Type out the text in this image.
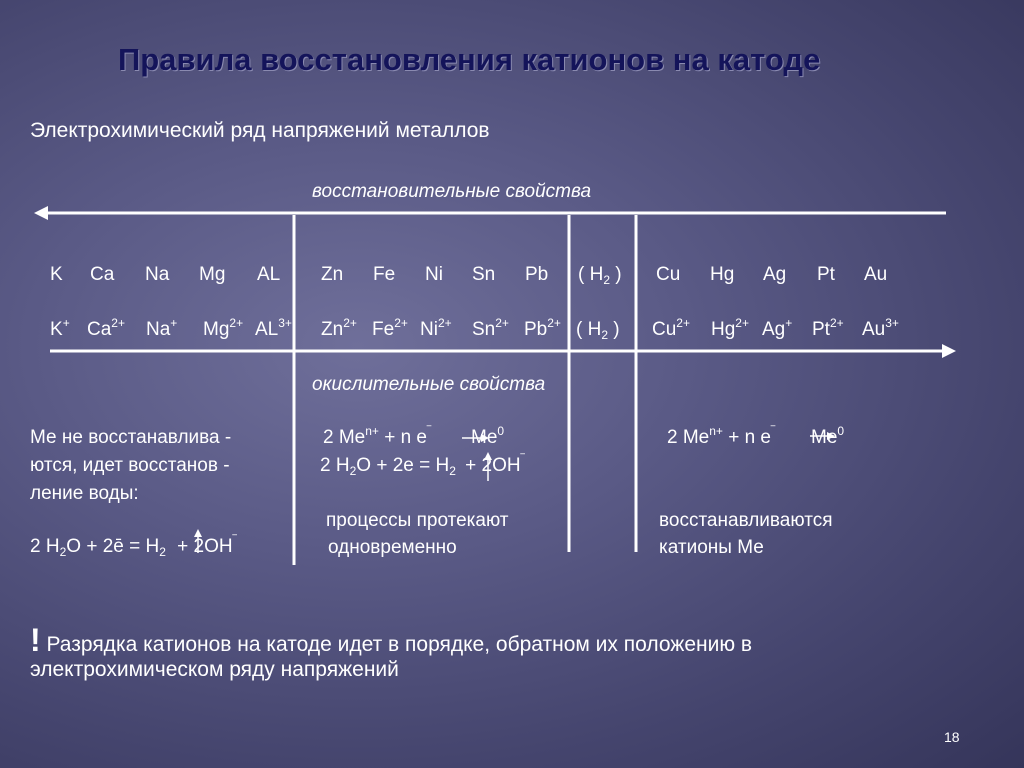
Правила восстановления катионов на катоде
Электрохимический ряд напряжений металлов
восстановительные свойства
K Ca Na Mg AL Zn Fe Ni Sn Pb ( $H_2$ ) Cu Hg Ag Pt Au
K+ $Ca^{2+}$ Na+ $Mg^{2+}$ $AL^{3+}$ $Zn^{2+}$ $Fe^{2+}$ $Ni^{2+}$ $Sn^{2+}$ $Pb^{2+}$ ( $H_2$ ) $Cu^{2+}$ $Hg^{2+}$ Ag+ $Pt^{2+}$ $Au^{3+}$
окислительные свойства
Ме не восстанавлива -
ются, идет восстанов -
ление воды:
2 $H_2O$ + 2ē = $H_2 + 2OH^‾$
2 $Me^{n+} + n$ e‾ Me$^0$
2 $H_2O + 2e = H_2 + 2OH^‾$
процессы протекают
одновременно
2 $Me^{n+} + n$ e‾ Me$^0$
восстанавливаются
катионы Ме
! Разрядка катионов на катоде идет в порядке, обратном их положению в
электрохимическом ряду напряжений
18
